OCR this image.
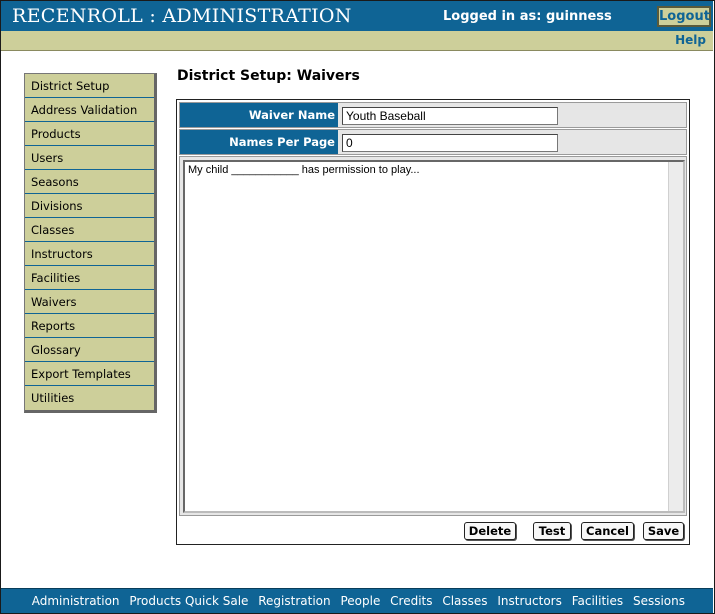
RECENROLL : ADMINISTRATION	Logged in as: guinness	Logout
Help
District Setup
Address Validation
Products
Users
Seasons
Divisions
Classes
Instructors
Facilities
Waivers
Reports
Glossary
Export Templates
Utilities
District Setup: Waivers
Waiver Name Youth Baseball
Names Per Page 0
My child ___________ has permission to play...
Delete	Test	Cancel	Save
Administration Products Quick Sale Registration People Credits Classes Instructors Facilities Sessions
